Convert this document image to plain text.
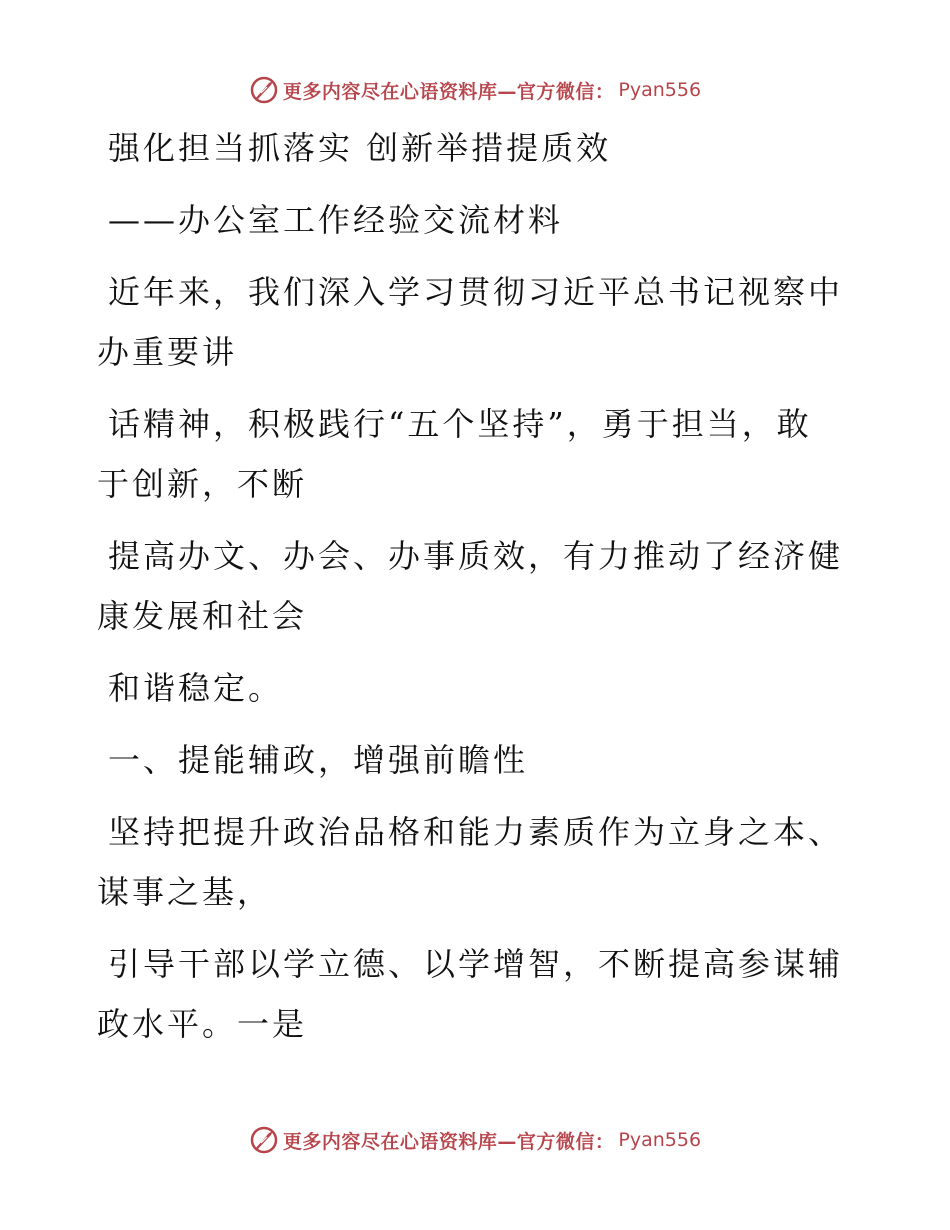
更多内容尽在心语资料库—官方微信： Pyan556
强化担当抓落实 创新举措提质效
——办公室工作经验交流材料
近年来，我们深入学习贯彻习近平总书记视察中
办重要讲
话精神，积极践行“五个坚持”，勇于担当，敢
于创新，不断
提高办文、办会、办事质效，有力推动了经济健
康发展和社会
和谐稳定。
一、提能辅政，增强前瞻性
坚持把提升政治品格和能力素质作为立身之本、
谋事之基，
引导干部以学立德、以学增智，不断提高参谋辅
政水平。一是
更多内容尽在心语资料库—官方微信： Pyan556
